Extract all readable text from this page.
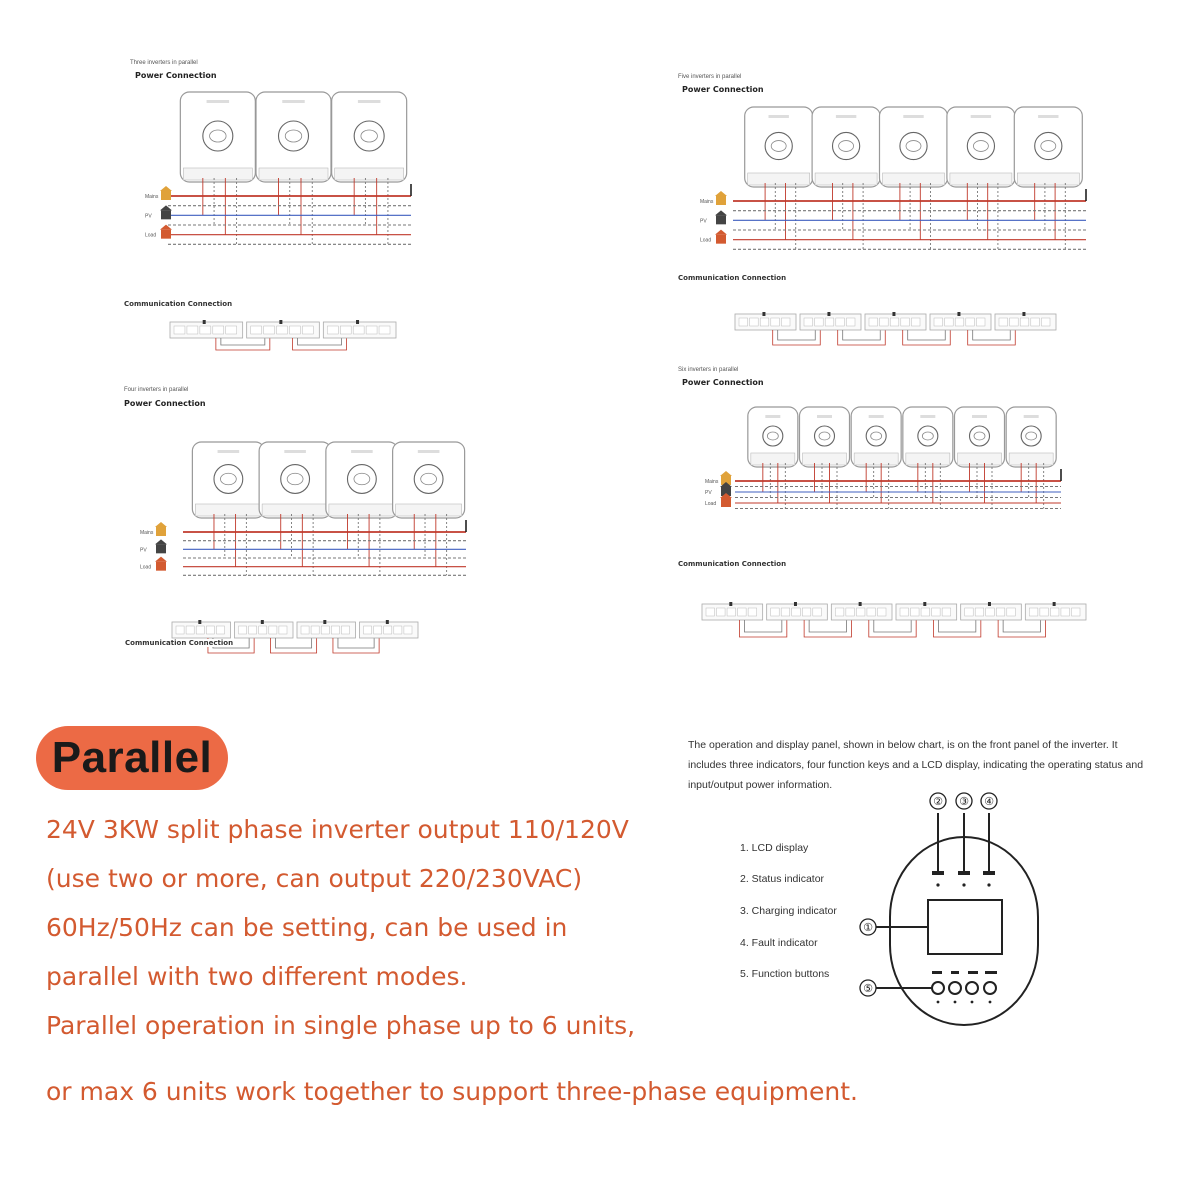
Three inverters in parallel
Power Connection
Mains
PV
Load
Communication Connection
Four inverters in parallel
Power Connection
Mains
PV
Load
Communication Connection
Five inverters in parallel
Power Connection
Mains
PV
Load
Communication Connection
Six inverters in parallel
Power Connection
Mains
PV
Load
Communication Connection
Parallel
24V 3KW split phase inverter output 110/120V
(use two or more, can output 220/230VAC)
60Hz/50Hz can be setting, can be used in
parallel with two different modes.
Parallel operation in single phase up to 6 units,
or max 6 units work together to support three-phase equipment.
The operation and display panel, shown in below chart, is on the front panel of the inverter. It includes three indicators, four function keys and a LCD display, indicating the operating status and input/output power information.
1. LCD display
2. Status indicator
3. Charging indicator
4. Fault indicator
5. Function buttons
② ③ ④
①
⑤
